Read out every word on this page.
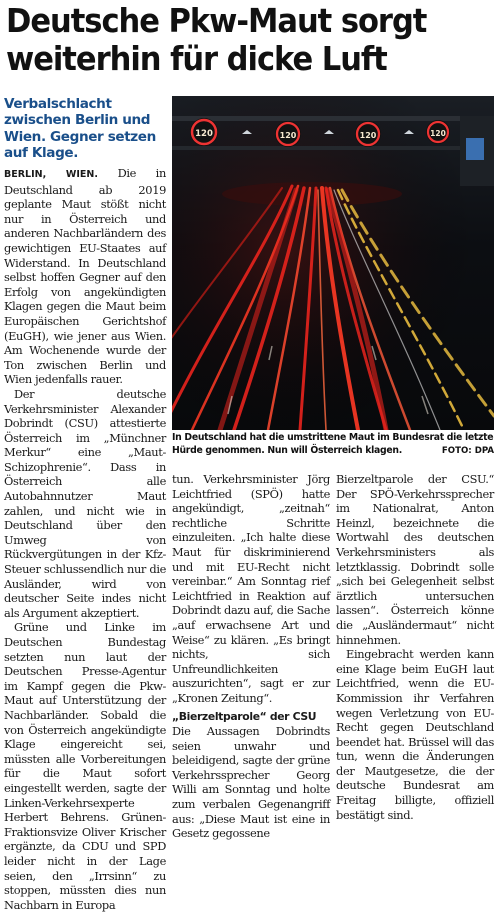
Deutsche Pkw-Maut sorgt
weiterhin für dicke Luft
Verbalschlacht zwischen Berlin und Wien. Gegner setzen auf Klage.

BERLIN, WIEN. Die in Deutschland ab 2019 geplante Maut stößt nicht nur in Österreich und anderen Nachbarländern des gewichtigen EU-Staates auf Widerstand. In Deutschland selbst hoffen Gegner auf den Erfolg von angekündigten Klagen gegen die Maut beim Europäischen Gerichtshof (EuGH), wie jener aus Wien. Am Wochenende wurde der Ton zwischen Berlin und Wien jedenfalls rauer.

Der deutsche Verkehrsminister Alexander Dobrindt (CSU) attestierte Österreich im „Münchner Merkur“ eine „Maut-Schizophrenie“. Dass in Österreich alle Autobahnnutzer Maut zahlen, und nicht wie in Deutschland über den Umweg von Rückvergütungen in der Kfz-Steuer schlussendlich nur die Ausländer, wird von deutscher Seite indes nicht als Argument akzeptiert.

Grüne und Linke im Deutschen Bundestag setzten nun laut der Deutschen Presse-Agentur im Kampf gegen die Pkw-Maut auf Unterstützung der Nachbarländer. Sobald die von Österreich angekündigte Klage eingereicht sei, müssten alle Vorbereitungen für die Maut sofort eingestellt werden, sagte der Linken-Verkehrsexperte Herbert Behrens. Grünen-Fraktionsvize Oliver Krischer ergänzte, da CDU und SPD leider nicht in der Lage seien, den „Irrsinn“ zu stoppen, müssten dies nun Nachbarn in Europa

120	120	120	120
In Deutschland hat die umstrittene Maut im Bundesrat die letzte Hürde genommen. Nun will Österreich klagen.	FOTO: DPA

tun. Verkehrsminister Jörg Leichtfried (SPÖ) hatte angekündigt, „zeitnah“ rechtliche Schritte einzuleiten. „Ich halte diese Maut für diskriminierend und mit EU-Recht nicht vereinbar.“ Am Sonntag rief Leichtfried in Reaktion auf Dobrindt dazu auf, die Sache „auf erwachsene Art und Weise“ zu klären. „Es bringt nichts, sich Unfreundlichkeiten auszurichten“, sagt er zur „Kronen Zeitung“.

„Bierzeltparole“ der CSU

Die Aussagen Dobrindts seien unwahr und beleidigend, sagte der grüne Verkehrssprecher Georg Willi am Sonntag und holte zum verbalen Gegenangriff aus: „Diese Maut ist eine in Gesetz gegossene

Bierzeltparole der CSU.“ Der SPÖ-Verkehrssprecher im Nationalrat, Anton Heinzl, bezeichnete die Wortwahl des deutschen Verkehrsministers als letztklassig. Dobrindt solle „sich bei Gelegenheit selbst ärztlich untersuchen lassen“. Österreich könne die „Ausländermaut“ nicht hinnehmen.

Eingebracht werden kann eine Klage beim EuGH laut Leichtfried, wenn die EU-Kommission ihr Verfahren wegen Verletzung von EU-Recht gegen Deutschland beendet hat. Brüssel will das tun, wenn die Änderungen der Mautgesetze, die der deutsche Bundesrat am Freitag billigte, offiziell bestätigt sind.
